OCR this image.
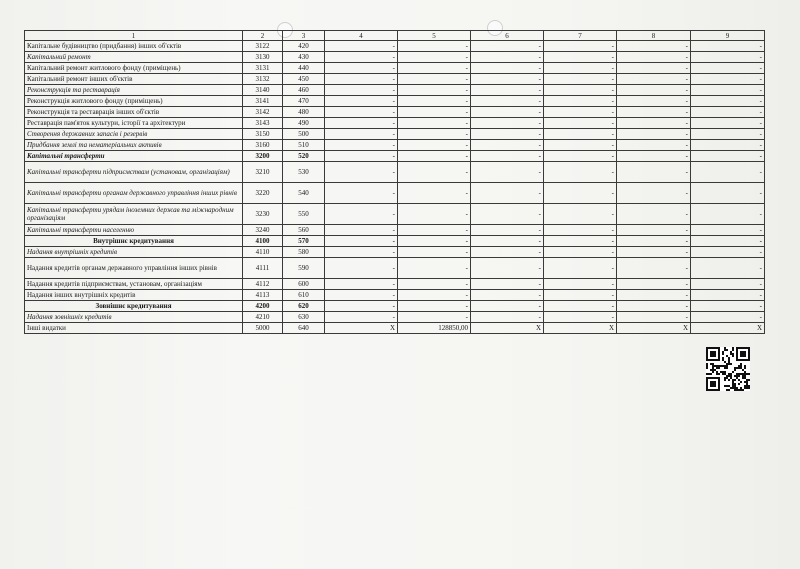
1	2	3	4	5	6	7	8	9
Капітальне будівництво (придбання) інших об'єктів	3122	420	-	-	-	-	-	-
Капітальний ремонт	3130	430	-	-	-	-	-	-
Капітальний ремонт житлового фонду (приміщень)	3131	440	-	-	-	-	-	-
Капітальний ремонт інших об'єктів	3132	450	-	-	-	-	-	-
Реконструкція та реставрація	3140	460	-	-	-	-	-	-
Реконструкція житлового фонду (приміщень)	3141	470	-	-	-	-	-	-
Реконструкція та реставрація інших об'єктів	3142	480	-	-	-	-	-	-
Реставрація пам'яток культури, історії та архітектури	3143	490	-	-	-	-	-	-
Створення державних запасів і резервів	3150	500	-	-	-	-	-	-
Придбання землі та нематеріальних активів	3160	510	-	-	-	-	-	-
Капітальні трансферти	3200	520	-	-	-	-	-	-
Капітальні трансферти підприємствам (установам, організаціям)	3210	530	-	-	-	-	-	-
Капітальні трансферти органам державного управління інших рівнів	3220	540	-	-	-	-	-	-
Капітальні трансферти урядам іноземних держав та міжнародним організаціям	3230	550	-	-	-	-	-	-
Капітальні трансферти населенню	3240	560	-	-	-	-	-	-
Внутрішнє кредитування	4100	570	-	-	-	-	-	-
Надання внутрішніх кредитів	4110	580	-	-	-	-	-	-
Надання кредитів органам державного управління інших рівнів	4111	590	-	-	-	-	-	-
Надання кредитів підприємствам, установам, організаціям	4112	600	-	-	-	-	-	-
Надання інших внутрішніх кредитів	4113	610	-	-	-	-	-	-
Зовнішнє кредитування	4200	620	-	-	-	-	-	-
Надання зовнішніх кредитів	4210	630	-	-	-	-	-	-
Інші видатки	5000	640	X	128850,00	X	X	X	X
